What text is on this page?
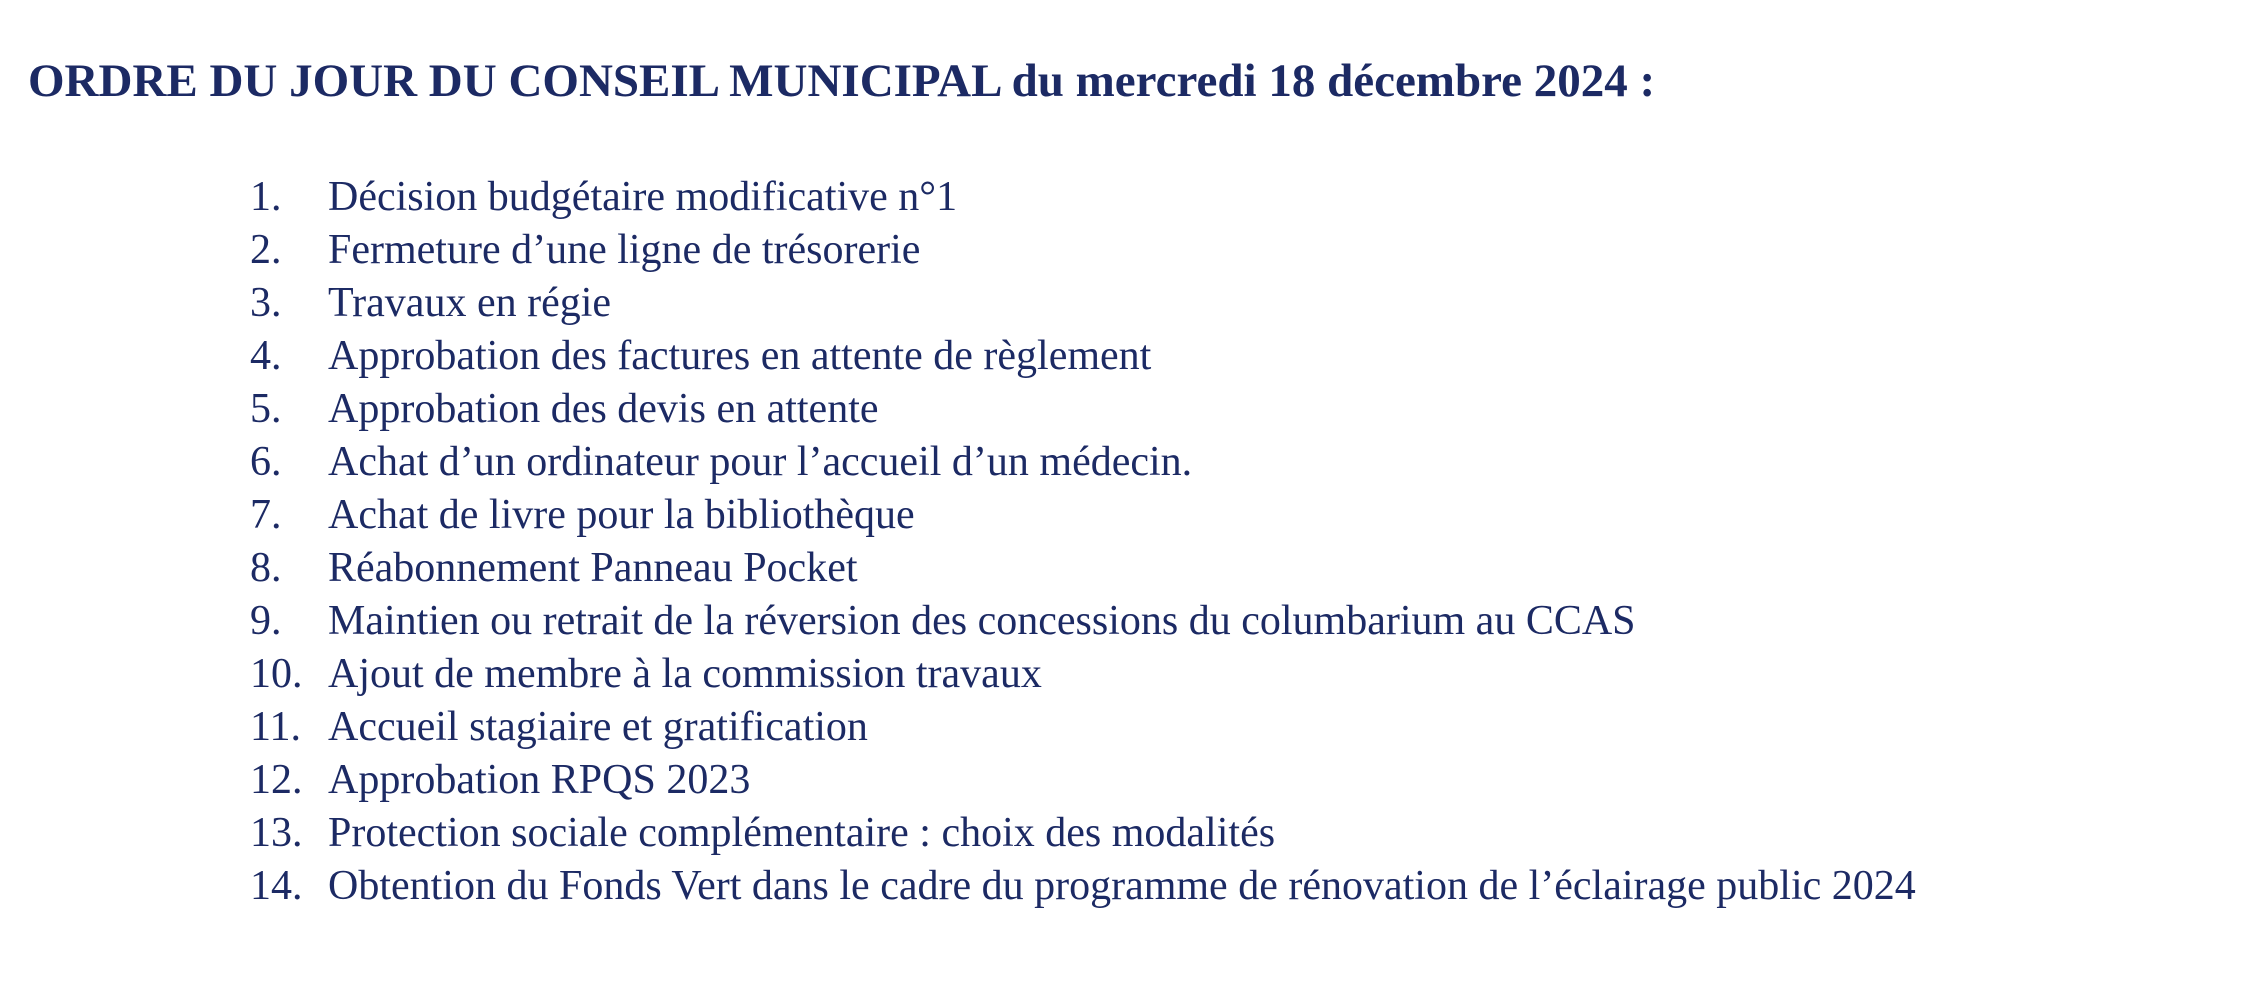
ORDRE DU JOUR DU CONSEIL MUNICIPAL du mercredi 18 décembre 2024 :
1. Décision budgétaire modificative n°1
2. Fermeture d’une ligne de trésorerie
3. Travaux en régie
4. Approbation des factures en attente de règlement
5. Approbation des devis en attente
6. Achat d’un ordinateur pour l’accueil d’un médecin.
7. Achat de livre pour la bibliothèque
8. Réabonnement Panneau Pocket
9. Maintien ou retrait de la réversion des concessions du columbarium au CCAS
10. Ajout de membre à la commission travaux
11. Accueil stagiaire et gratification
12. Approbation RPQS 2023
13. Protection sociale complémentaire : choix des modalités
14. Obtention du Fonds Vert dans le cadre du programme de rénovation de l’éclairage public 2024
